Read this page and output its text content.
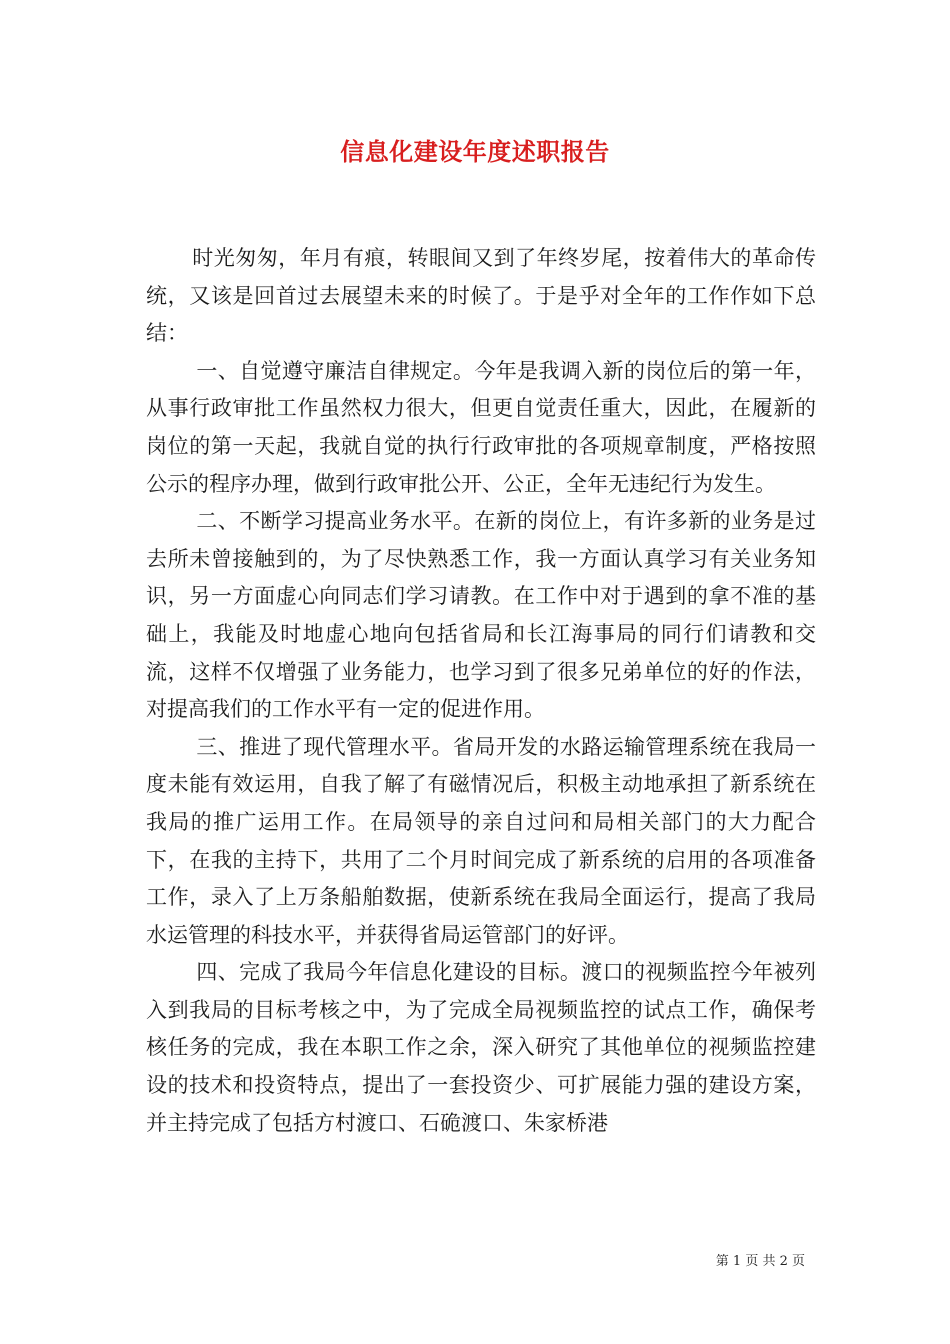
信息化建设年度述职报告

时光匆匆，年月有痕，转眼间又到了年终岁尾，按着伟大的革命传统，又该是回首过去展望未来的时候了。于是乎对全年的工作作如下总结：

一、自觉遵守廉洁自律规定。今年是我调入新的岗位后的第一年，从事行政审批工作虽然权力很大，但更自觉责任重大，因此，在履新的岗位的第一天起，我就自觉的执行行政审批的各项规章制度，严格按照公示的程序办理，做到行政审批公开、公正，全年无违纪行为发生。

二、不断学习提高业务水平。在新的岗位上，有许多新的业务是过去所未曾接触到的，为了尽快熟悉工作，我一方面认真学习有关业务知识，另一方面虚心向同志们学习请教。在工作中对于遇到的拿不准的基础上，我能及时地虚心地向包括省局和长江海事局的同行们请教和交流，这样不仅增强了业务能力，也学习到了很多兄弟单位的好的作法，对提高我们的工作水平有一定的促进作用。

三、推进了现代管理水平。省局开发的水路运输管理系统在我局一度未能有效运用，自我了解了有磁情况后，积极主动地承担了新系统在我局的推广运用工作。在局领导的亲自过问和局相关部门的大力配合下，在我的主持下，共用了二个月时间完成了新系统的启用的各项准备工作，录入了上万条船舶数据，使新系统在我局全面运行，提高了我局水运管理的科技水平，并获得省局运管部门的好评。

四、完成了我局今年信息化建设的目标。渡口的视频监控今年被列入到我局的目标考核之中，为了完成全局视频监控的试点工作，确保考核任务的完成，我在本职工作之余，深入研究了其他单位的视频监控建设的技术和投资特点，提出了一套投资少、可扩展能力强的建设方案，并主持完成了包括方村渡口、石硊渡口、朱家桥港

第 1 页 共 2 页
